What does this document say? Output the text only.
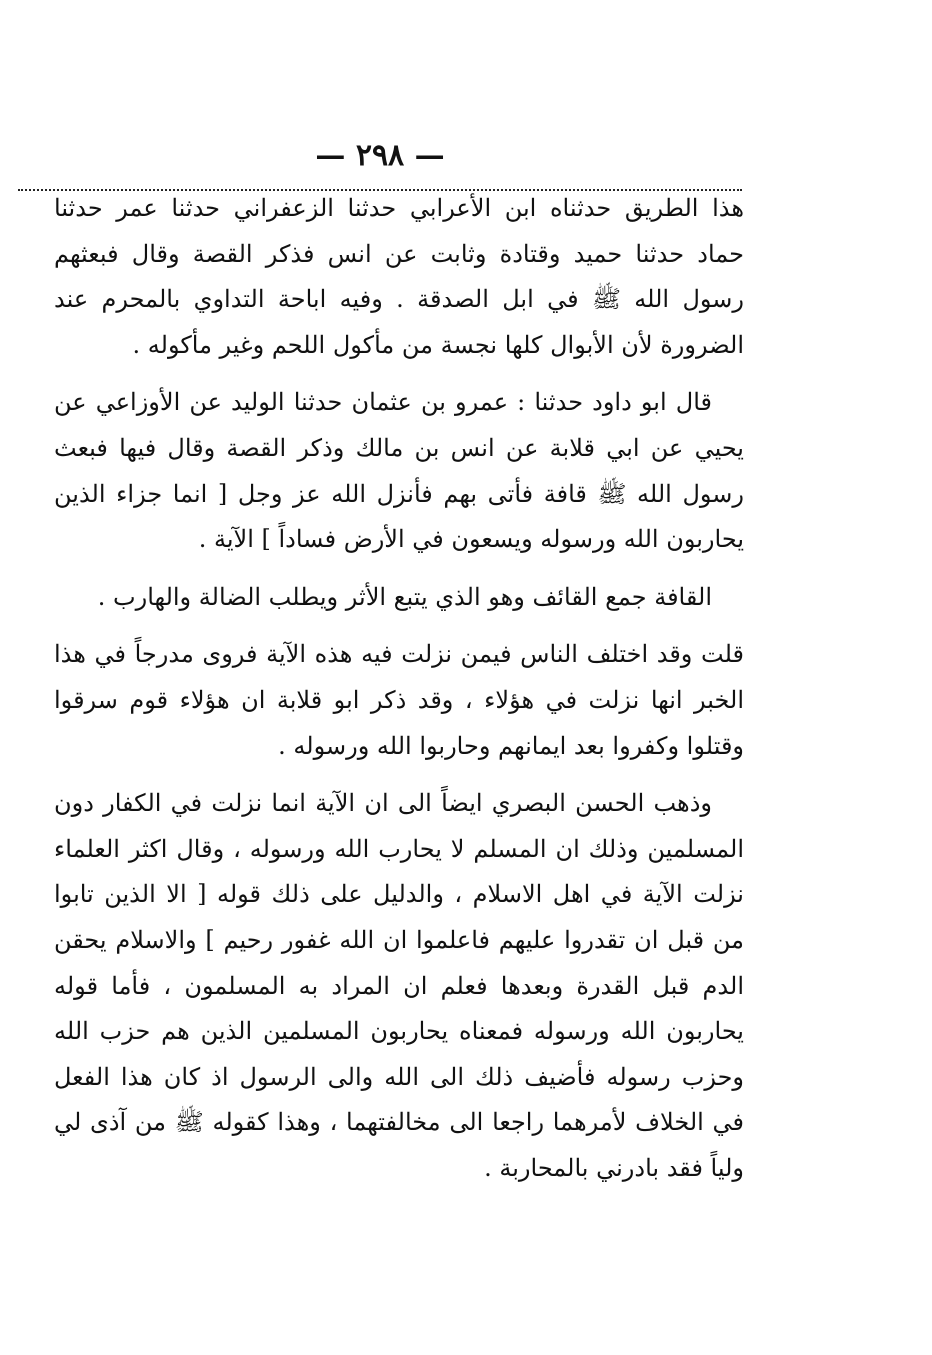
— ٢٩٨ —

هذا الطريق حدثناه ابن الأعرابي حدثنا الزعفراني حدثنا عمر حدثنا حماد حدثنا حميد وقتادة وثابت عن انس فذكر القصة وقال فبعثهم رسول الله ﷺ في ابل الصدقة . وفيه اباحة التداوي بالمحرم عند الضرورة لأن الأبوال كلها نجسة من مأكول اللحم وغير مأكوله .

قال ابو داود حدثنا : عمرو بن عثمان حدثنا الوليد عن الأوزاعي عن يحيي عن ابي قلابة عن انس بن مالك وذكر القصة وقال فيها فبعث رسول الله ﷺ قافة فأتى بهم فأنزل الله عز وجل [ انما جزاء الذين يحاربون الله ورسوله ويسعون في الأرض فساداً ] الآية .

القافة جمع القائف وهو الذي يتبع الأثر ويطلب الضالة والهارب .

قلت وقد اختلف الناس فيمن نزلت فيه هذه الآية فروى مدرجاً في هذا الخبر انها نزلت في هؤلاء ، وقد ذكر ابو قلابة ان هؤلاء قوم سرقوا وقتلوا وكفروا بعد ايمانهم وحاربوا الله ورسوله .

وذهب الحسن البصري ايضاً الى ان الآية انما نزلت في الكفار دون المسلمين وذلك ان المسلم لا يحارب الله ورسوله ، وقال اكثر العلماء نزلت الآية في اهل الاسلام ، والدليل على ذلك قوله [ الا الذين تابوا من قبل ان تقدروا عليهم فاعلموا ان الله غفور رحيم ] والاسلام يحقن الدم قبل القدرة وبعدها فعلم ان المراد به المسلمون ، فأما قوله يحاربون الله ورسوله فمعناه يحاربون المسلمين الذين هم حزب الله وحزب رسوله فأضيف ذلك الى الله والى الرسول اذ كان هذا الفعل في الخلاف لأمرهما راجعا الى مخالفتهما ، وهذا كقوله ﷺ من آذى لي ولياً فقد بادرني بالمحاربة .
